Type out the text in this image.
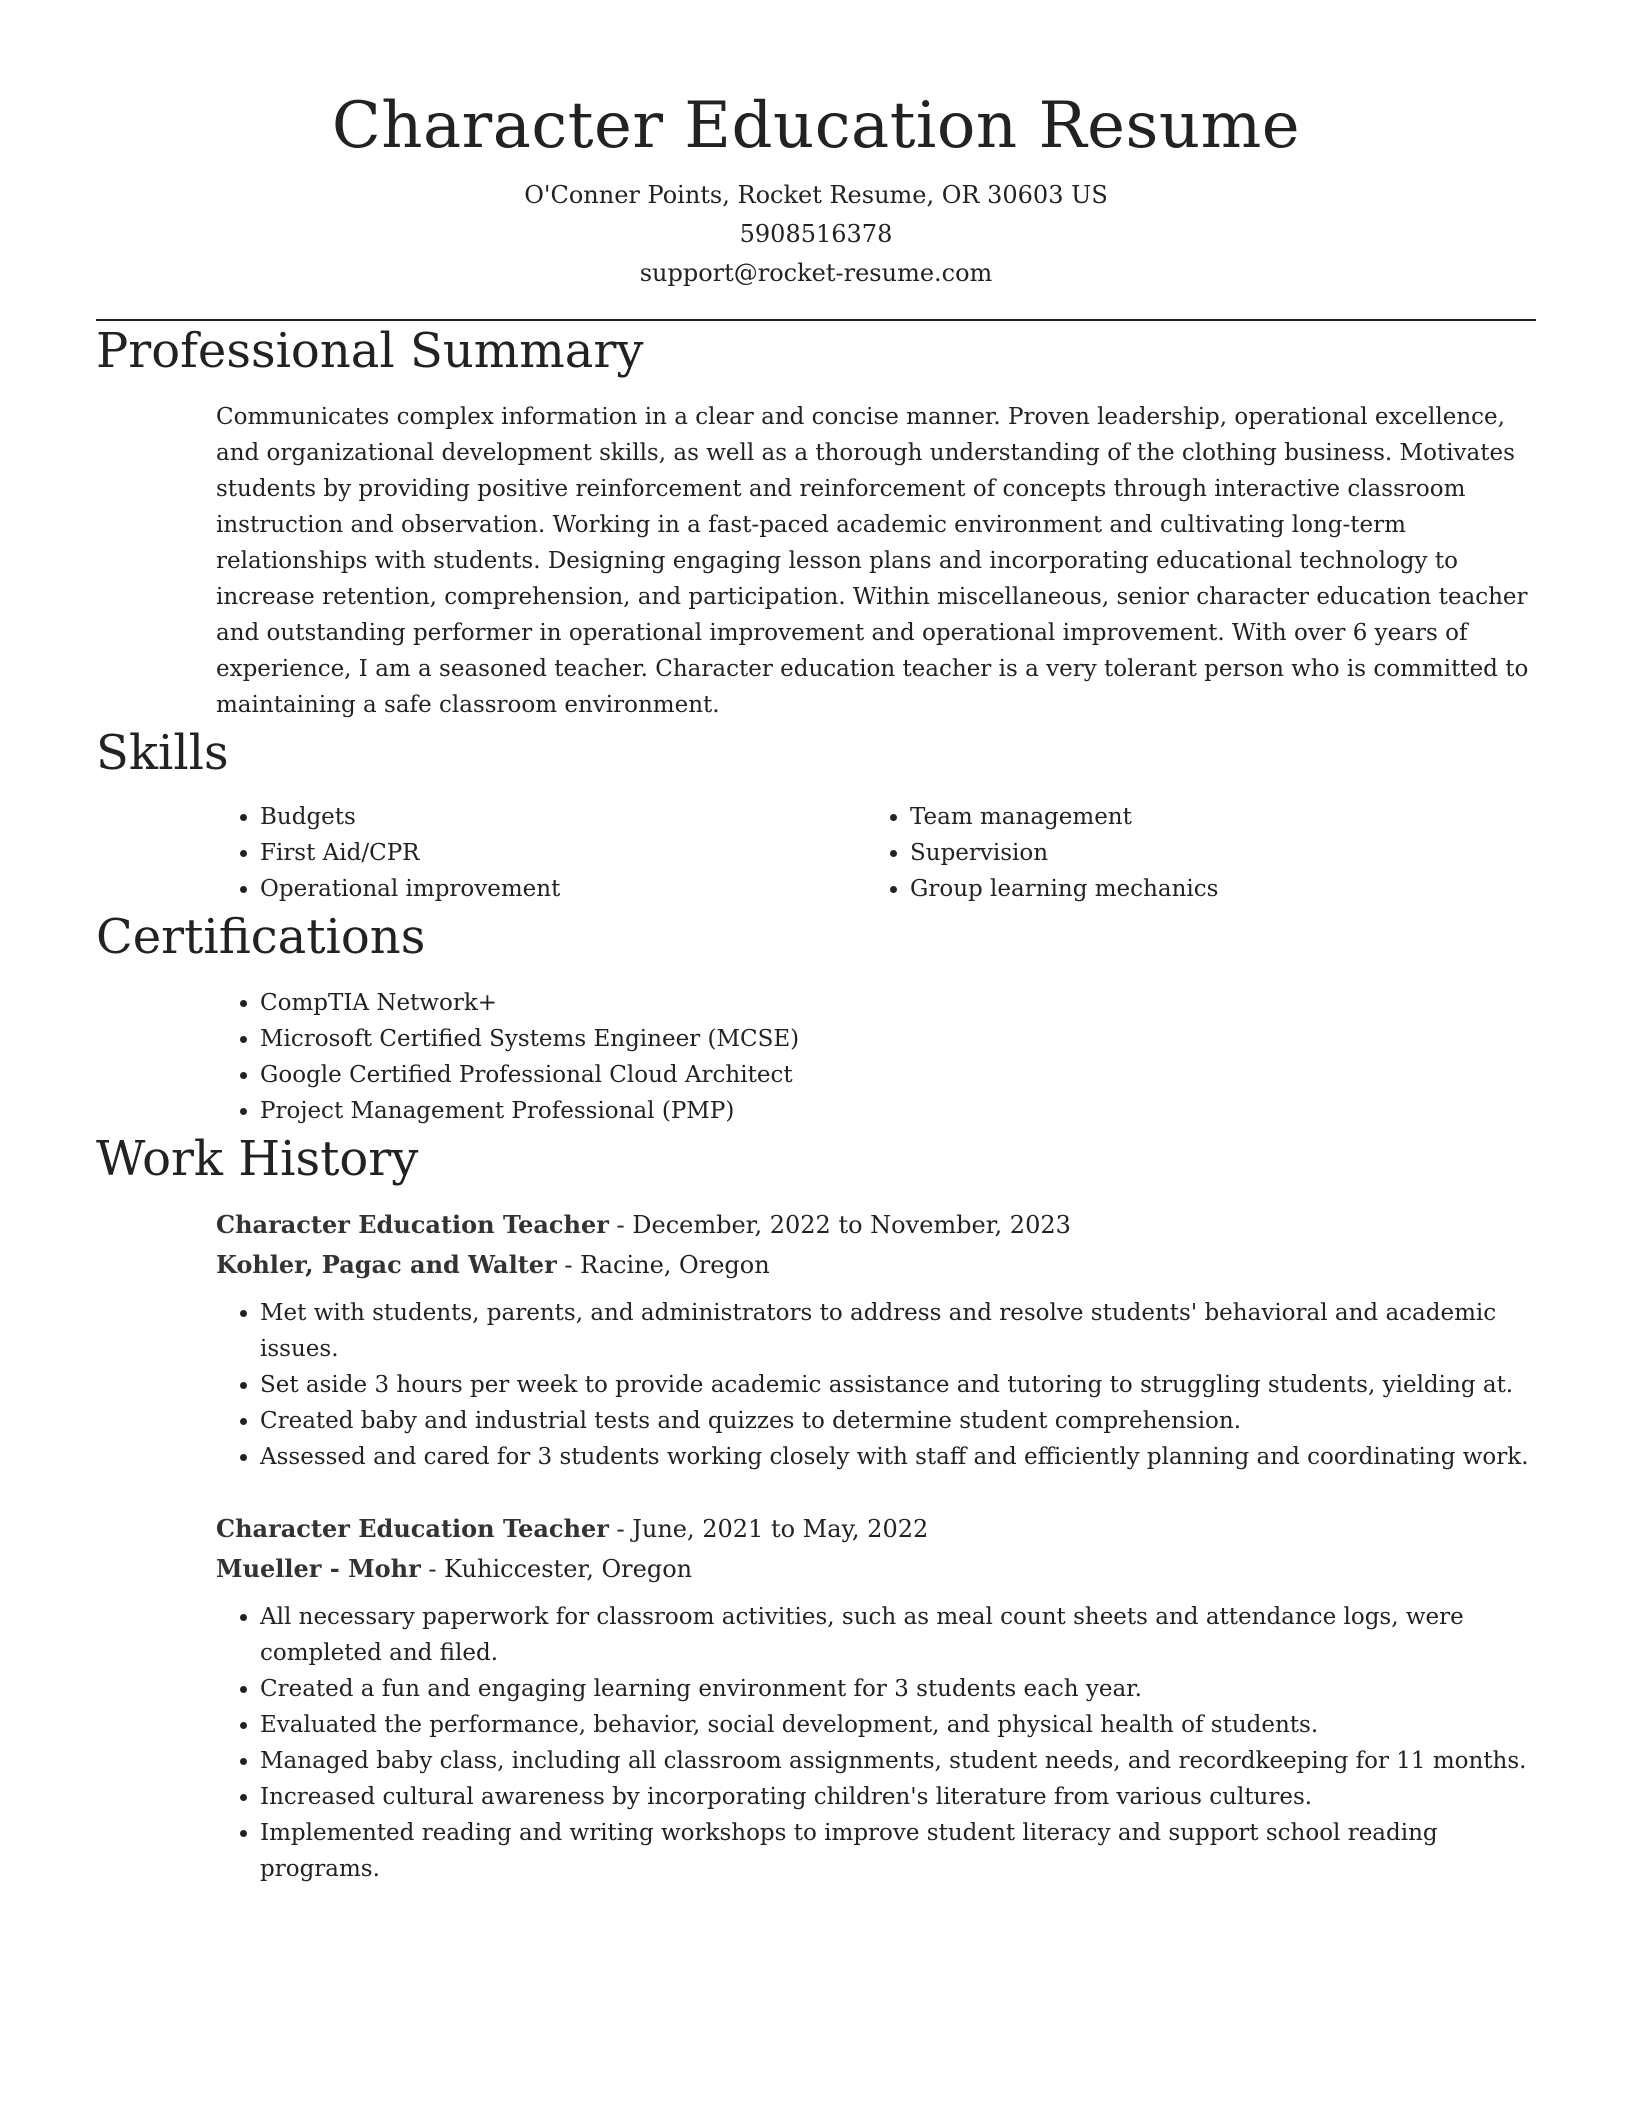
Character Education Resume
O'Conner Points, Rocket Resume, OR 30603 US
5908516378
support@rocket-resume.com
Professional Summary
Communicates complex information in a clear and concise manner. Proven leadership, operational excellence, and organizational development skills, as well as a thorough understanding of the clothing business. Motivates students by providing positive reinforcement and reinforcement of concepts through interactive classroom instruction and observation. Working in a fast-paced academic environment and cultivating long-term relationships with students. Designing engaging lesson plans and incorporating educational technology to increase retention, comprehension, and participation. Within miscellaneous, senior character education teacher and outstanding performer in operational improvement and operational improvement. With over 6 years of experience, I am a seasoned teacher. Character education teacher is a very tolerant person who is committed to maintaining a safe classroom environment.
Skills
• Budgets
• First Aid/CPR
• Operational improvement
• Team management
• Supervision
• Group learning mechanics
Certifications
• CompTIA Network+
• Microsoft Certified Systems Engineer (MCSE)
• Google Certified Professional Cloud Architect
• Project Management Professional (PMP)
Work History
Character Education Teacher - December, 2022 to November, 2023
Kohler, Pagac and Walter - Racine, Oregon
• Met with students, parents, and administrators to address and resolve students' behavioral and academic issues.
• Set aside 3 hours per week to provide academic assistance and tutoring to struggling students, yielding at.
• Created baby and industrial tests and quizzes to determine student comprehension.
• Assessed and cared for 3 students working closely with staff and efficiently planning and coordinating work.
Character Education Teacher - June, 2021 to May, 2022
Mueller - Mohr - Kuhiccester, Oregon
• All necessary paperwork for classroom activities, such as meal count sheets and attendance logs, were completed and filed.
• Created a fun and engaging learning environment for 3 students each year.
• Evaluated the performance, behavior, social development, and physical health of students.
• Managed baby class, including all classroom assignments, student needs, and recordkeeping for 11 months.
• Increased cultural awareness by incorporating children's literature from various cultures.
• Implemented reading and writing workshops to improve student literacy and support school reading programs.
